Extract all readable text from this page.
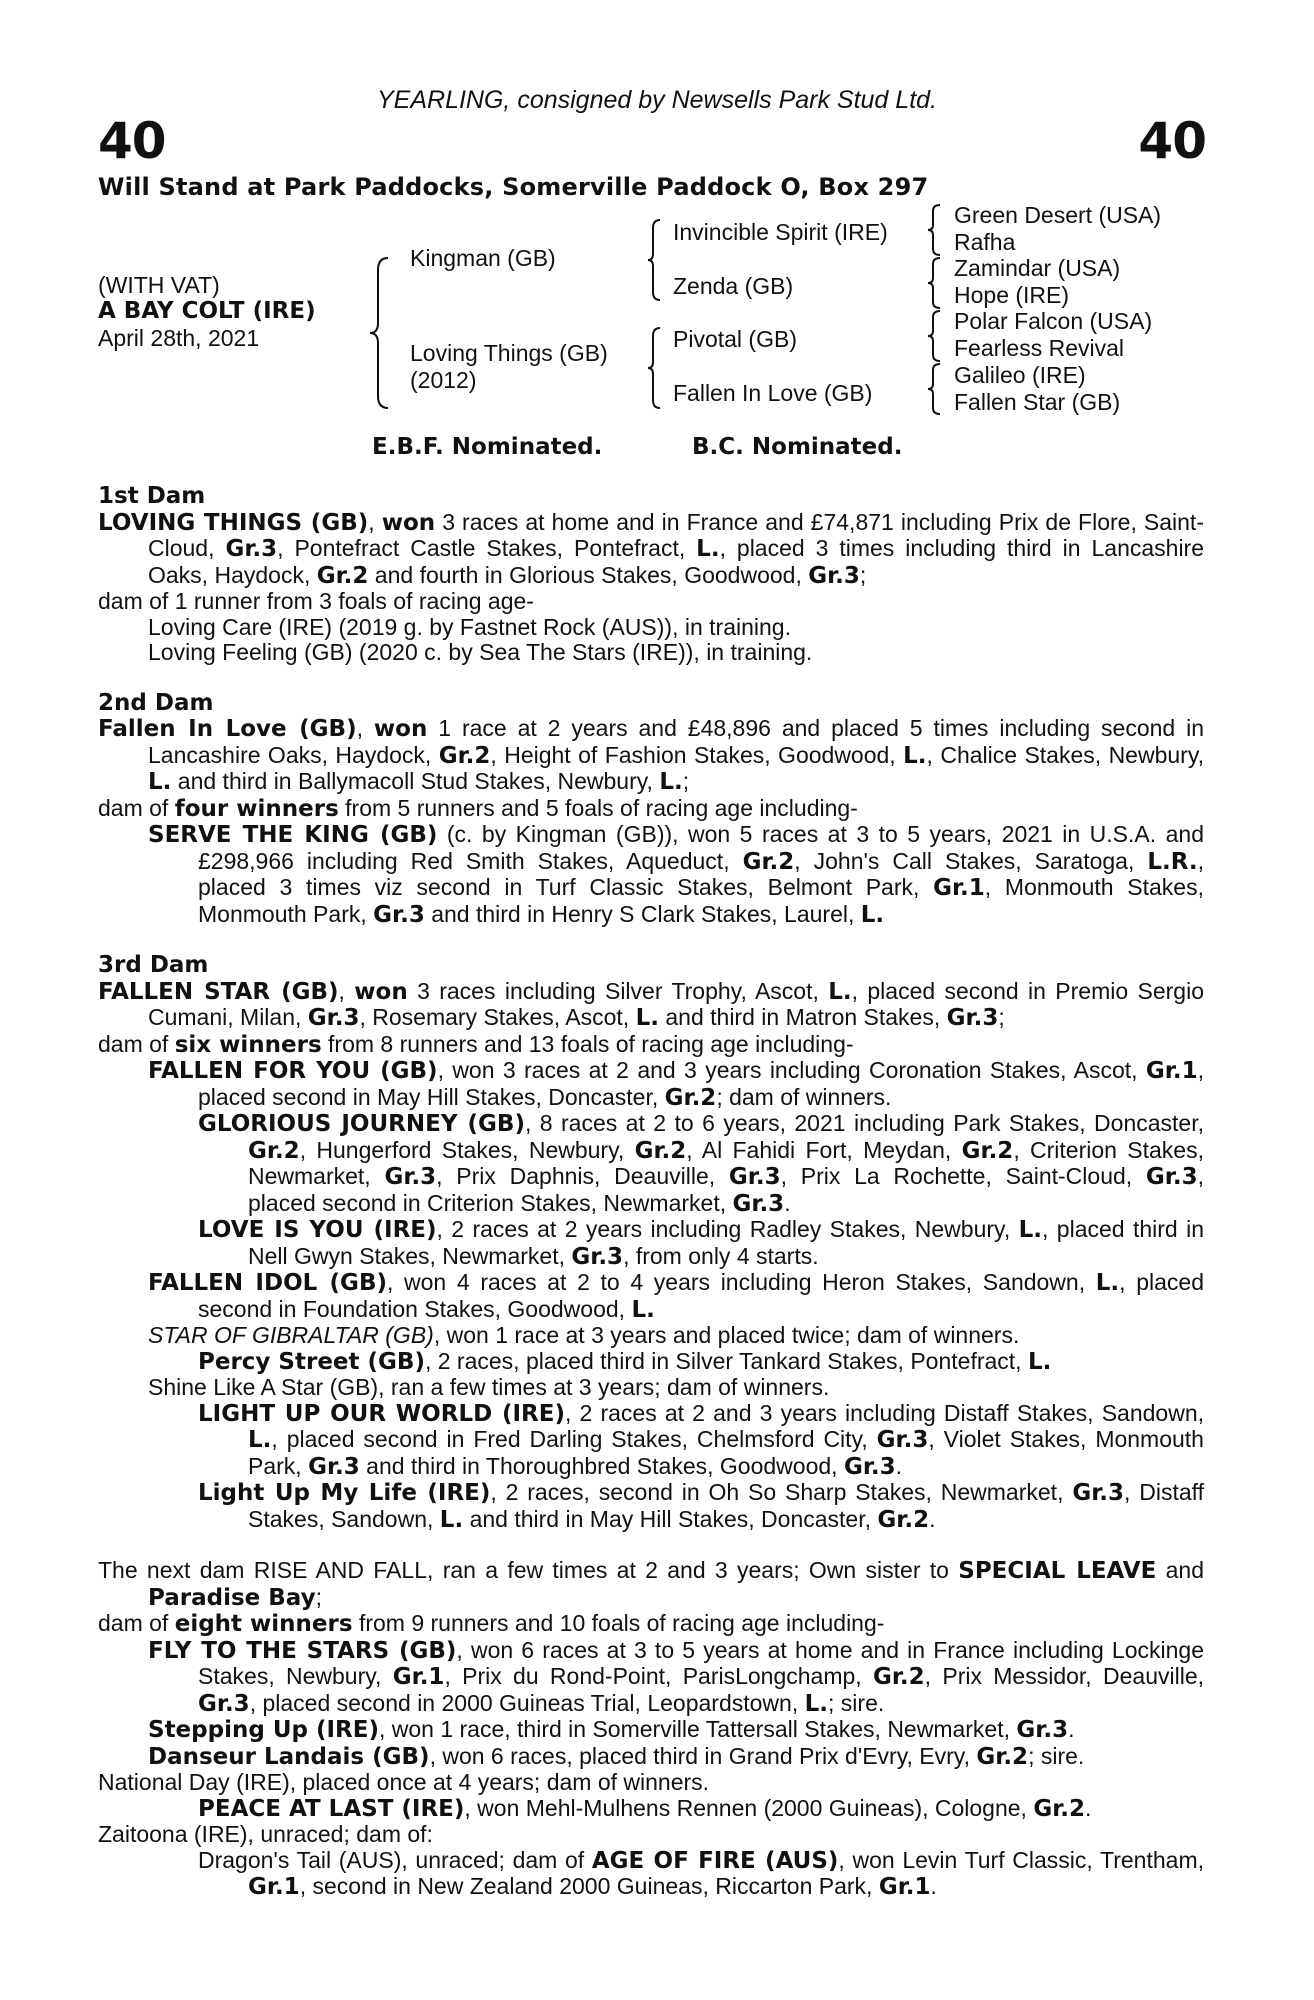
YEARLING, consigned by Newsells Park Stud Ltd.
40	40
Will Stand at Park Paddocks, Somerville Paddock O, Box 297
(WITH VAT)
A BAY COLT (IRE)
April 28th, 2021
Kingman (GB)
Loving Things (GB)
(2012)
Invincible Spirit (IRE)
Zenda (GB)
Pivotal (GB)
Fallen In Love (GB)
Green Desert (USA)
Rafha
Zamindar (USA)
Hope (IRE)
Polar Falcon (USA)
Fearless Revival
Galileo (IRE)
Fallen Star (GB)
E.B.F. Nominated.	B.C. Nominated.

1st Dam

LOVING THINGS (GB), won 3 races at home and in France and £74,871 including Prix de Flore, Saint-Cloud, Gr.3, Pontefract Castle Stakes, Pontefract, L., placed 3 times including third in Lancashire Oaks, Haydock, Gr.2 and fourth in Glorious Stakes, Goodwood, Gr.3;

dam of 1 runner from 3 foals of racing age-

Loving Care (IRE) (2019 g. by Fastnet Rock (AUS)), in training.

Loving Feeling (GB) (2020 c. by Sea The Stars (IRE)), in training.

2nd Dam

Fallen In Love (GB), won 1 race at 2 years and £48,896 and placed 5 times including second in Lancashire Oaks, Haydock, Gr.2, Height of Fashion Stakes, Goodwood, L., Chalice Stakes, Newbury, L. and third in Ballymacoll Stud Stakes, Newbury, L.;

dam of four winners from 5 runners and 5 foals of racing age including-

SERVE THE KING (GB) (c. by Kingman (GB)), won 5 races at 3 to 5 years, 2021 in U.S.A. and £298,966 including Red Smith Stakes, Aqueduct, Gr.2, John's Call Stakes, Saratoga, L.R., placed 3 times viz second in Turf Classic Stakes, Belmont Park, Gr.1, Monmouth Stakes, Monmouth Park, Gr.3 and third in Henry S Clark Stakes, Laurel, L.

3rd Dam

FALLEN STAR (GB), won 3 races including Silver Trophy, Ascot, L., placed second in Premio Sergio Cumani, Milan, Gr.3, Rosemary Stakes, Ascot, L. and third in Matron Stakes, Gr.3;

dam of six winners from 8 runners and 13 foals of racing age including-

FALLEN FOR YOU (GB), won 3 races at 2 and 3 years including Coronation Stakes, Ascot, Gr.1, placed second in May Hill Stakes, Doncaster, Gr.2; dam of winners.

GLORIOUS JOURNEY (GB), 8 races at 2 to 6 years, 2021 including Park Stakes, Doncaster, Gr.2, Hungerford Stakes, Newbury, Gr.2, Al Fahidi Fort, Meydan, Gr.2, Criterion Stakes, Newmarket, Gr.3, Prix Daphnis, Deauville, Gr.3, Prix La Rochette, Saint-Cloud, Gr.3, placed second in Criterion Stakes, Newmarket, Gr.3.

LOVE IS YOU (IRE), 2 races at 2 years including Radley Stakes, Newbury, L., placed third in Nell Gwyn Stakes, Newmarket, Gr.3, from only 4 starts.

FALLEN IDOL (GB), won 4 races at 2 to 4 years including Heron Stakes, Sandown, L., placed second in Foundation Stakes, Goodwood, L.

STAR OF GIBRALTAR (GB), won 1 race at 3 years and placed twice; dam of winners.

Percy Street (GB), 2 races, placed third in Silver Tankard Stakes, Pontefract, L.

Shine Like A Star (GB), ran a few times at 3 years; dam of winners.

LIGHT UP OUR WORLD (IRE), 2 races at 2 and 3 years including Distaff Stakes, Sandown, L., placed second in Fred Darling Stakes, Chelmsford City, Gr.3, Violet Stakes, Monmouth Park, Gr.3 and third in Thoroughbred Stakes, Goodwood, Gr.3.

Light Up My Life (IRE), 2 races, second in Oh So Sharp Stakes, Newmarket, Gr.3, Distaff Stakes, Sandown, L. and third in May Hill Stakes, Doncaster, Gr.2.

The next dam RISE AND FALL, ran a few times at 2 and 3 years; Own sister to SPECIAL LEAVE and Paradise Bay;

dam of eight winners from 9 runners and 10 foals of racing age including-

FLY TO THE STARS (GB), won 6 races at 3 to 5 years at home and in France including Lockinge Stakes, Newbury, Gr.1, Prix du Rond-Point, ParisLongchamp, Gr.2, Prix Messidor, Deauville, Gr.3, placed second in 2000 Guineas Trial, Leopardstown, L.; sire.

Stepping Up (IRE), won 1 race, third in Somerville Tattersall Stakes, Newmarket, Gr.3.

Danseur Landais (GB), won 6 races, placed third in Grand Prix d'Evry, Evry, Gr.2; sire.

National Day (IRE), placed once at 4 years; dam of winners.

PEACE AT LAST (IRE), won Mehl-Mulhens Rennen (2000 Guineas), Cologne, Gr.2.

Zaitoona (IRE), unraced; dam of:

Dragon's Tail (AUS), unraced; dam of AGE OF FIRE (AUS), won Levin Turf Classic, Trentham, Gr.1, second in New Zealand 2000 Guineas, Riccarton Park, Gr.1.
